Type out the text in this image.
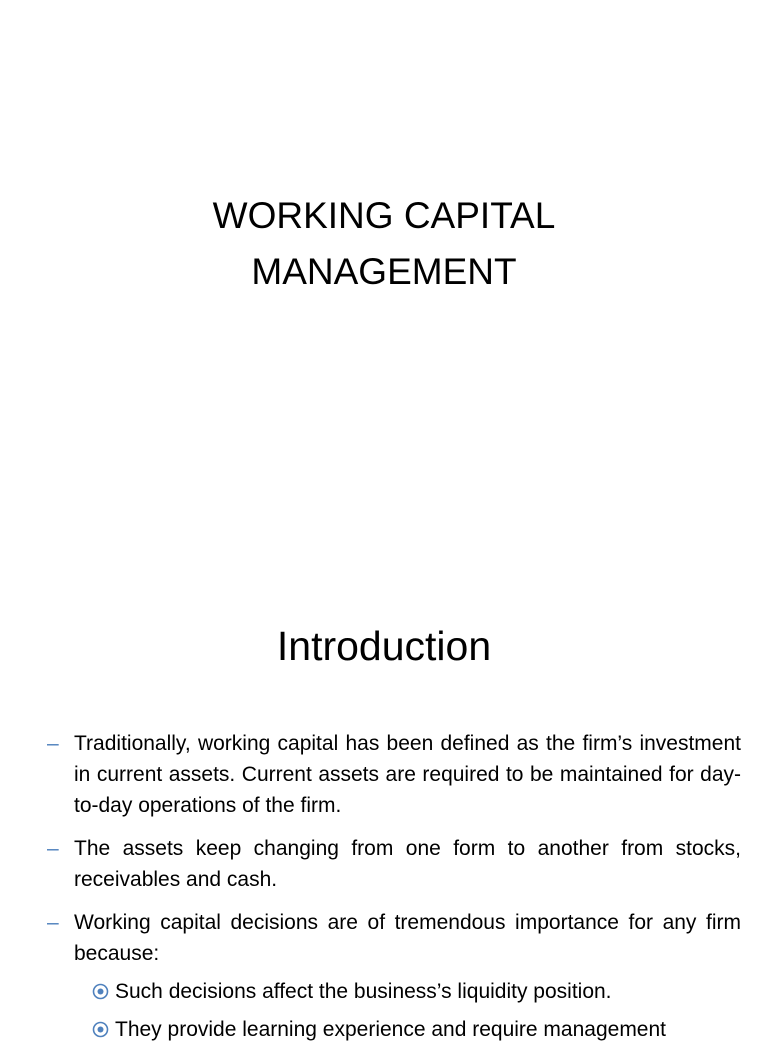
WORKING CAPITAL
MANAGEMENT
Introduction
– Traditionally, working capital has been defined as the firm’s investment in current assets. Current assets are required to be maintained for day-to-day operations of the firm.
– The assets keep changing from one form to another from stocks, receivables and cash.
– Working capital decisions are of tremendous importance for any firm because:
Such decisions affect the business’s liquidity position.
They provide learning experience and require management
